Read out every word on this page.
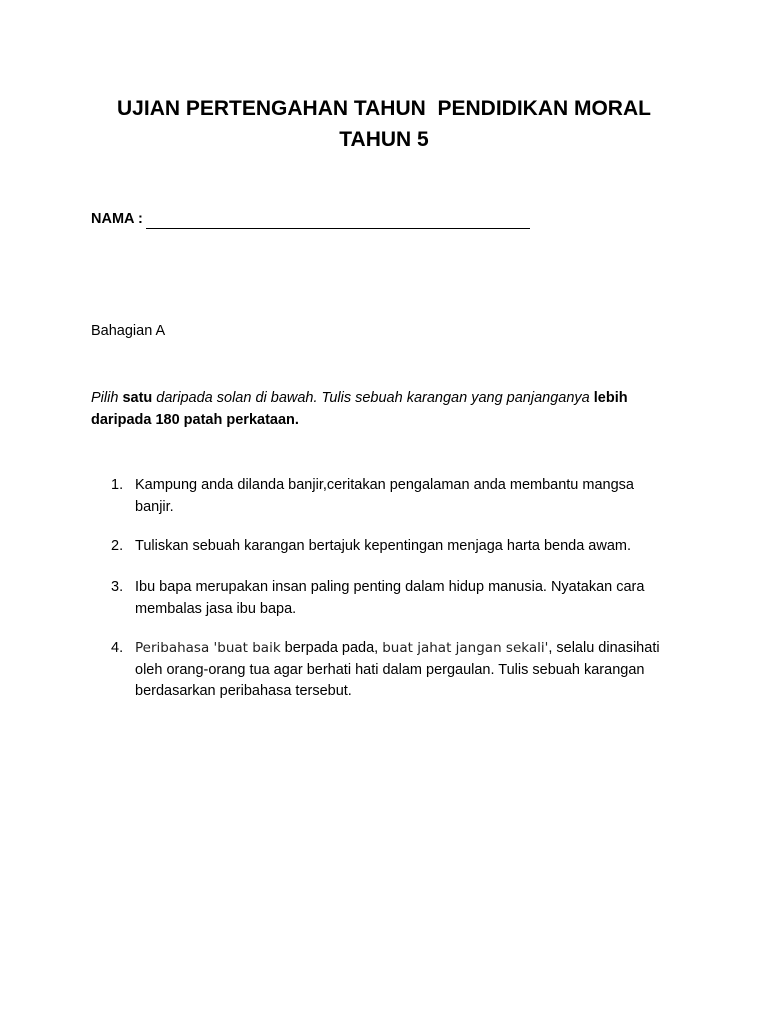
UJIAN PERTENGAHAN TAHUN  PENDIDIKAN MORAL
TAHUN 5
NAMA :
Bahagian A
Pilih satu daripada solan di bawah. Tulis sebuah karangan yang panjanganya lebih daripada 180 patah perkataan.
1. Kampung anda dilanda banjir,ceritakan pengalaman anda membantu mangsa
banjir.
2. Tuliskan sebuah karangan bertajuk kepentingan menjaga harta benda awam.
3. Ibu bapa merupakan insan paling penting dalam hidup manusia. Nyatakan cara
membalas jasa ibu bapa.
4. Peribahasa 'buat baik berpada pada, buat jahat jangan sekali', selalu dinasihati
oleh orang-orang tua agar berhati hati dalam pergaulan. Tulis sebuah karangan
berdasarkan peribahasa tersebut.
